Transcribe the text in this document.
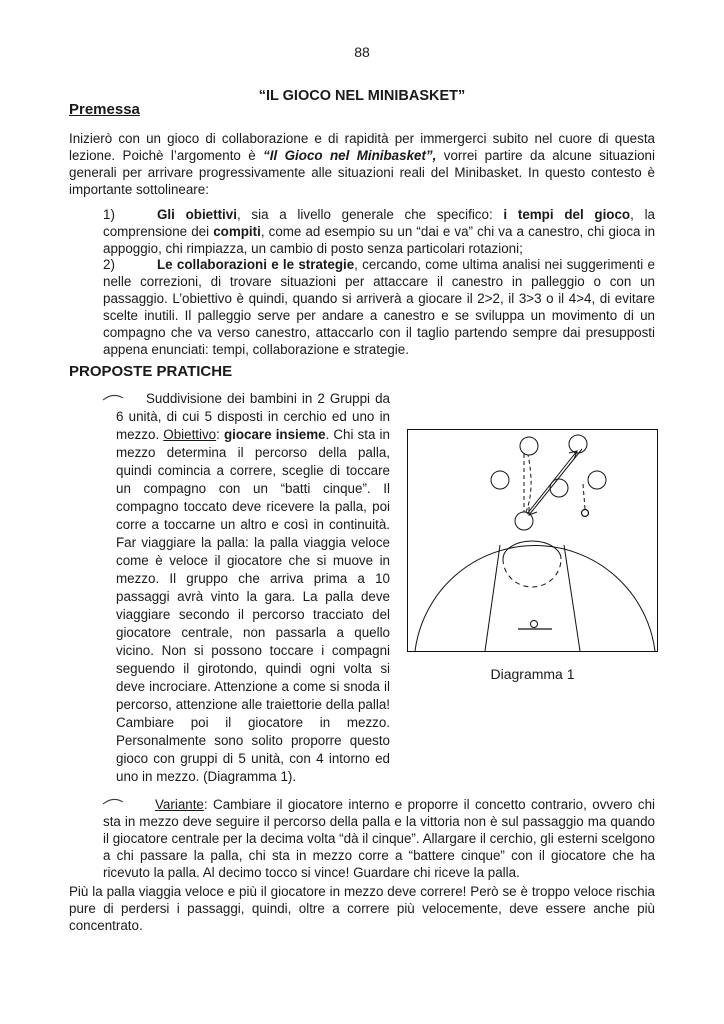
88
“IL GIOCO NEL MINIBASKET”
Premessa
Inizierò con un gioco di collaborazione e di rapidità per immergerci subito nel cuore di questa lezione. Poichè l’argomento è “Il Gioco nel Minibasket”, vorrei partire da alcune situazioni generali per arrivare progressivamente alle situazioni reali del Minibasket. In questo contesto è importante sottolineare:
1)	Gli obiettivi, sia a livello generale che specifico: i tempi del gioco, la comprensione dei compiti, come ad esempio su un “dai e va” chi va a canestro, chi gioca in appoggio, chi rimpiazza, un cambio di posto senza particolari rotazioni;
2)	Le collaborazioni e le strategie, cercando, come ultima analisi nei suggerimenti e nelle correzioni, di trovare situazioni per attaccare il canestro in palleggio o con un passaggio. L’obiettivo è quindi, quando si arriverà a giocare il 2>2, il 3>3 o il 4>4, di evitare scelte inutili. Il palleggio serve per andare a canestro e se sviluppa un movimento di un compagno che va verso canestro, attaccarlo con il taglio partendo sempre dai presupposti appena enunciati: tempi, collaborazione e strategie.
PROPOSTE PRATICHE
Suddivisione dei bambini in 2 Gruppi da 6 unità, di cui 5 disposti in cerchio ed uno in mezzo. Obiettivo: giocare insieme. Chi sta in mezzo determina il percorso della palla, quindi comincia a correre, sceglie di toccare un compagno con un “batti cinque”. Il compagno toccato deve ricevere la palla, poi corre a toccarne un altro e così in continuità. Far viaggiare la palla: la palla viaggia veloce come è veloce il giocatore che si muove in mezzo. Il gruppo che arriva prima a 10 passaggi avrà vinto la gara. La palla deve viaggiare secondo il percorso tracciato del giocatore centrale, non passarla a quello vicino. Non si possono toccare i compagni seguendo il girotondo, quindi ogni volta si deve incrociare. Attenzione a come si snoda il percorso, attenzione alle traiettorie della palla! Cambiare poi il giocatore in mezzo. Personalmente sono solito proporre questo gioco con gruppi di 5 unità, con 4 intorno ed uno in mezzo. (Diagramma 1).
Diagramma 1
Variante: Cambiare il giocatore interno e proporre il concetto contrario, ovvero chi sta in mezzo deve seguire il percorso della palla e la vittoria non è sul passaggio ma quando il giocatore centrale per la decima volta “dà il cinque”. Allargare il cerchio, gli esterni scelgono a chi passare la palla, chi sta in mezzo corre a “battere cinque” con il giocatore che ha ricevuto la palla. Al decimo tocco si vince! Guardare chi riceve la palla.
Più la palla viaggia veloce e più il giocatore in mezzo deve correre! Però se è troppo veloce rischia pure di perdersi i passaggi, quindi, oltre a correre più velocemente, deve essere anche più concentrato.
